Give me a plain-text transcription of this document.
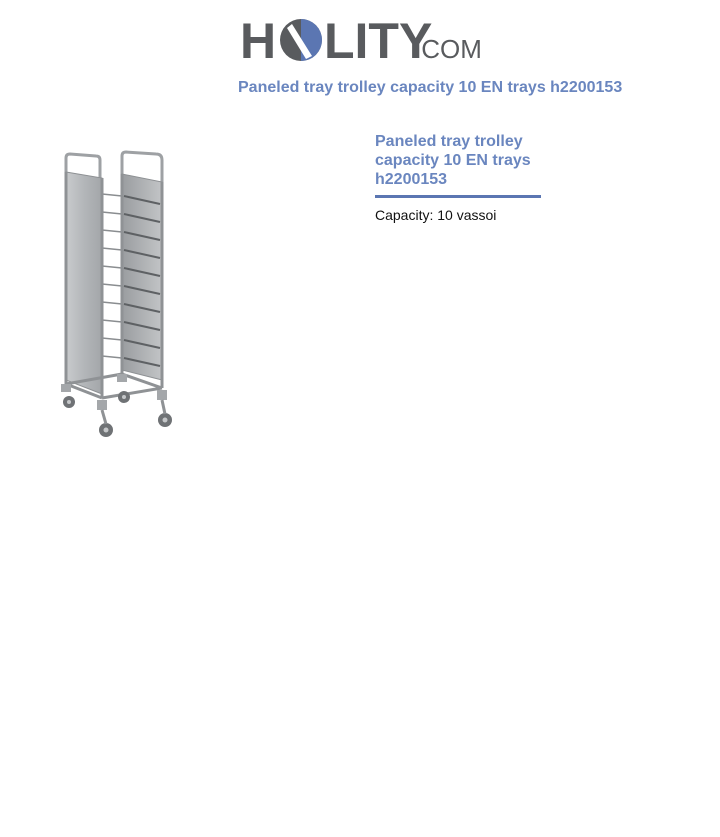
H LITY
.COM
Paneled tray trolley capacity 10 EN trays h2200153
Paneled tray trolley capacity 10 EN trays h2200153
Capacity: 10 vassoi
